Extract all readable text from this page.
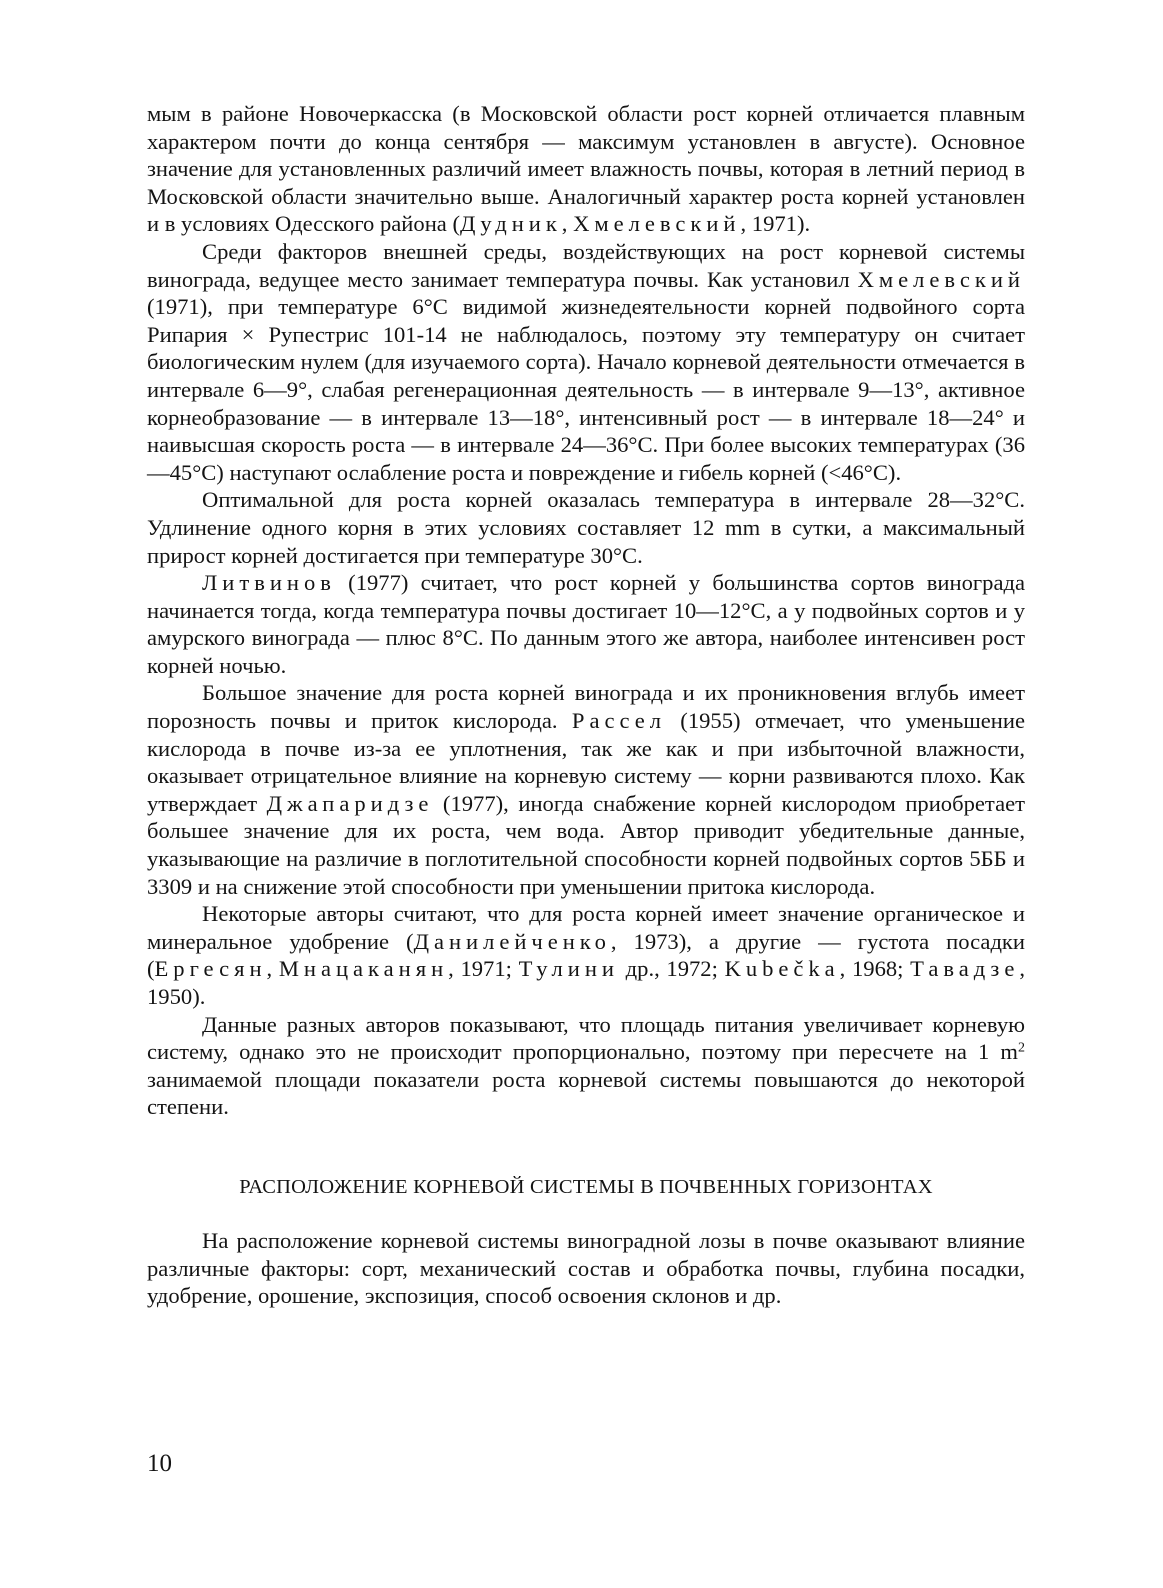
мым в районе Новочеркасска (в Московской области рост корней отличается плавным характером почти до конца сентября — максимум установлен в августе). Основное значение для установленных различий имеет влажность почвы, которая в летний период в Московской области значительно выше. Аналогичный характер роста корней установлен и в условиях Одесского района (Дудник, Хмелевский, 1971).

Среди факторов внешней среды, воздействующих на рост корневой системы винограда, ведущее место занимает температура почвы. Как установил Хмелевский (1971), при температуре 6°С видимой жизнедеятельности корней подвойного сорта Рипария × Рупестрис 101-14 не наблюдалось, поэтому эту температуру он считает биологическим нулем (для изучаемого сорта). Начало корневой деятельности отмечается в интервале 6—9°, слабая регенерационная деятельность — в интервале 9—13°, активное корнеобразование — в интервале 13—18°, интенсивный рост — в интервале 18—24° и наивысшая скорость роста — в интервале 24—36°С. При более высоких температурах (36—45°С) наступают ослабление роста и повреждение и гибель корней (<46°С).

Оптимальной для роста корней оказалась температура в интервале 28—32°С. Удлинение одного корня в этих условиях составляет 12 mm в сутки, а максимальный прирост корней достигается при температуре 30°С.

Литвинов (1977) считает, что рост корней у большинства сортов винограда начинается тогда, когда температура почвы достигает 10—12°С, а у подвойных сортов и у амурского винограда — плюс 8°С. По данным этого же автора, наиболее интенсивен рост корней ночью.

Большое значение для роста корней винограда и их проникновения вглубь имеет порозность почвы и приток кислорода. Рассел (1955) отмечает, что уменьшение кислорода в почве из-за ее уплотнения, так же как и при избыточной влажности, оказывает отрицательное влияние на корневую систему — корни развиваются плохо. Как утверждает Джапаридзе (1977), иногда снабжение корней кислородом приобретает большее значение для их роста, чем вода. Автор приводит убедительные данные, указывающие на различие в поглотительной способности корней подвойных сортов 5ББ и 3309 и на снижение этой способности при уменьшении притока кислорода.

Некоторые авторы считают, что для роста корней имеет значение органическое и минеральное удобрение (Данилейченко, 1973), а другие — густота посадки (Ергесян, Мнацаканян, 1971; Тулини др., 1972; Kubečka, 1968; Тавадзе, 1950).

Данные разных авторов показывают, что площадь питания увеличивает корневую систему, однако это не происходит пропорционально, поэтому при пересчете на 1 $m^2$ занимаемой площади показатели роста корневой системы повышаются до некоторой степени.

РАСПОЛОЖЕНИЕ КОРНЕВОЙ СИСТЕМЫ В ПОЧВЕННЫХ ГОРИЗОНТАХ

На расположение корневой системы виноградной лозы в почве оказывают влияние различные факторы: сорт, механический состав и обработка почвы, глубина посадки, удобрение, орошение, экспозиция, способ освоения склонов и др.

10
